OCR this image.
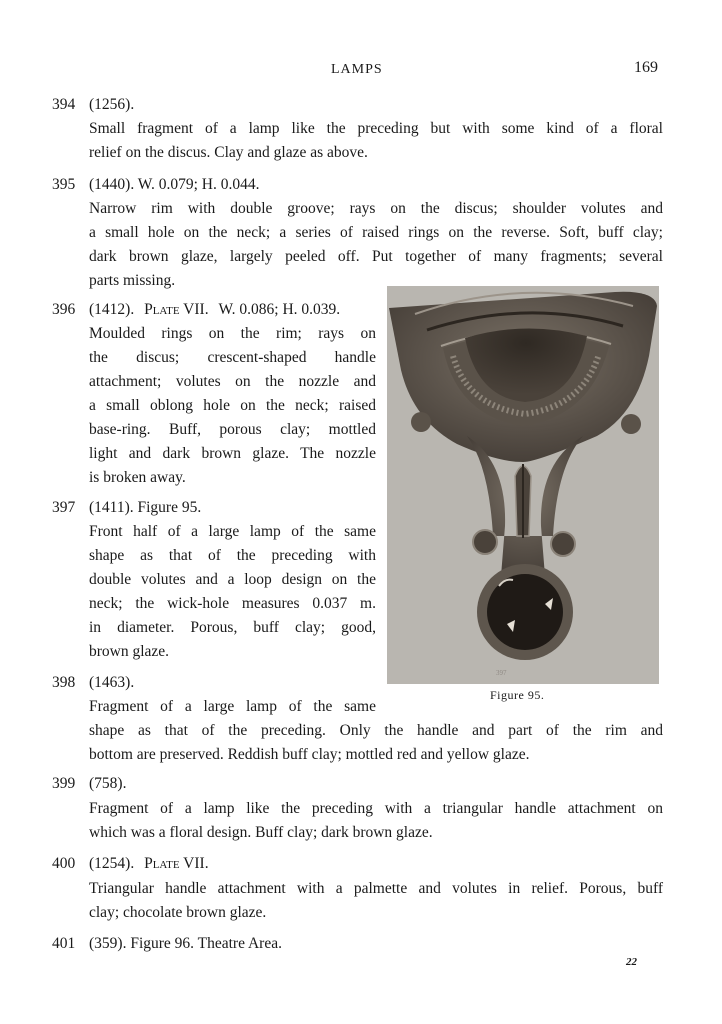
LAMPS	169
394 (1256).
Small fragment of a lamp like the preceding but with some kind of a floral
relief on the discus. Clay and glaze as above.
395 (1440). W. 0.079; H. 0.044.
Narrow rim with double groove; rays on the discus; shoulder volutes and
a small hole on the neck; a series of raised rings on the reverse. Soft, buff clay;
dark brown glaze, largely peeled off. Put together of many fragments; several
parts missing.
396 (1412). Plate VII. W. 0.086; H. 0.039.
Moulded rings on the rim; rays on
the discus; crescent-shaped handle
attachment; volutes on the nozzle and
a small oblong hole on the neck; raised
base-ring. Buff, porous clay; mottled
light and dark brown glaze. The nozzle
is broken away.
397 (1411). Figure 95.
Front half of a large lamp of the same
shape as that of the preceding with
double volutes and a loop design on the
neck; the wick-hole measures 0.037 m.
in diameter. Porous, buff clay; good,
brown glaze.
398 (1463).
Fragment of a large lamp of the same
shape as that of the preceding. Only the handle and part of the rim and
bottom are preserved. Reddish buff clay; mottled red and yellow glaze.
399 (758).
Fragment of a lamp like the preceding with a triangular handle attachment on
which was a floral design. Buff clay; dark brown glaze.
400 (1254). Plate VII.
Triangular handle attachment with a palmette and volutes in relief. Porous, buff
clay; chocolate brown glaze.
401 (359). Figure 96. Theatre Area.
397
Figure 95.
22
